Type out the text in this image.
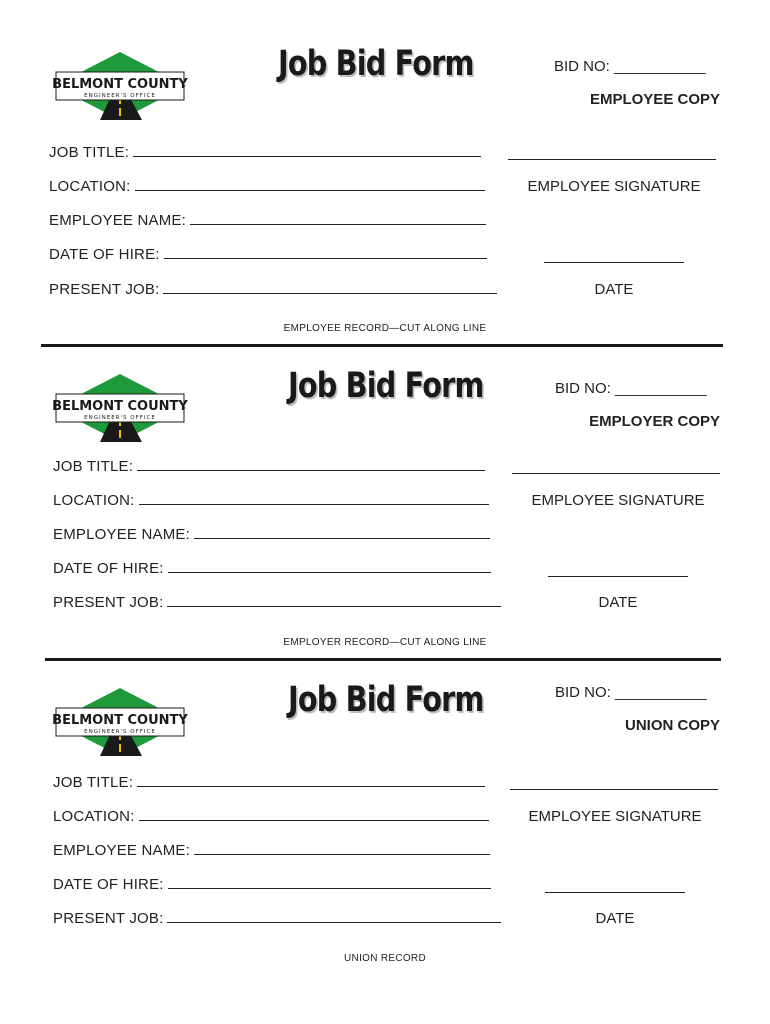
BELMONT COUNTY
ENGINEER'S OFFICE
Job Bid Form	BID NO: ___________
EMPLOYEE COPY
JOB TITLE:
LOCATION:
EMPLOYEE NAME:
DATE OF HIRE:
PRESENT JOB:
EMPLOYEE SIGNATURE
DATE
EMPLOYEE RECORD—CUT ALONG LINE
BELMONT COUNTY
ENGINEER'S OFFICE
Job Bid Form	BID NO: ___________
EMPLOYER COPY
JOB TITLE:
LOCATION:
EMPLOYEE NAME:
DATE OF HIRE:
PRESENT JOB:
EMPLOYEE SIGNATURE
DATE
EMPLOYER RECORD—CUT ALONG LINE
BELMONT COUNTY
ENGINEER'S OFFICE
Job Bid Form	BID NO: ___________
UNION COPY
JOB TITLE:
LOCATION:
EMPLOYEE NAME:
DATE OF HIRE:
PRESENT JOB:
EMPLOYEE SIGNATURE
DATE
UNION RECORD
